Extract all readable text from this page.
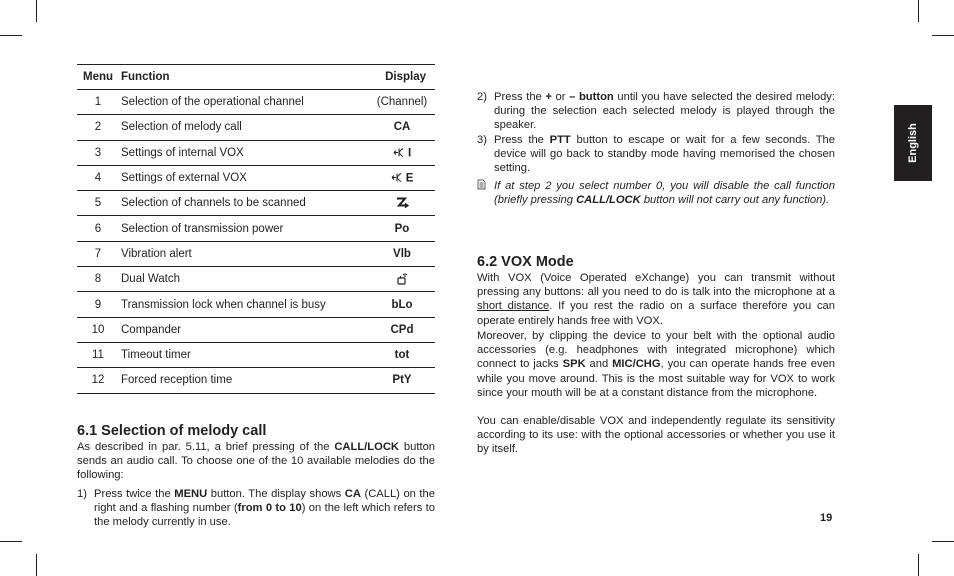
Menu Function	Display
1	Selection of the operational channel	(Channel)
2	Selection of melody call	CA
3	Settings of internal VOX	I
4	Settings of external VOX	E
5	Selection of channels to be scanned
6	Selection of transmission power	Po
7	Vibration alert	Vlb
8	Dual Watch
9	Transmission lock when channel is busy	bLo
10	Compander	CPd
11	Timeout timer	tot
12	Forced reception time	PtY
6.1 Selection of melody call
As described in par. 5.11, a brief pressing of the CALL/LOCK button sends an audio call. To choose one of the 10 available melodies do the following:
1) Press twice the MENU button. The display shows CA (CALL) on the right and a flashing number (from 0 to 10) on the left which refers to the melody currently in use.
2) Press the + or – button until you have selected the desired melody: during the selection each selected melody is played through the speaker.
3) Press the PTT button to escape or wait for a few seconds. The device will go back to standby mode having memorised the chosen setting.
If at step 2 you select number 0, you will disable the call function (briefly pressing CALL/LOCK button will not carry out any function).
6.2 VOX Mode
With VOX (Voice Operated eXchange) you can transmit without pressing any buttons: all you need to do is talk into the microphone at a short distance. If you rest the radio on a surface therefore you can operate entirely hands free with VOX.
Moreover, by clipping the device to your belt with the optional audio accessories (e.g. headphones with integrated microphone) which connect to jacks SPK and MIC/CHG, you can operate hands free even while you move around. This is the most suitable way for VOX to work since your mouth will be at a constant distance from the microphone.
You can enable/disable VOX and independently regulate its sensitivity according to its use: with the optional accessories or whether you use it by itself.
English
19
